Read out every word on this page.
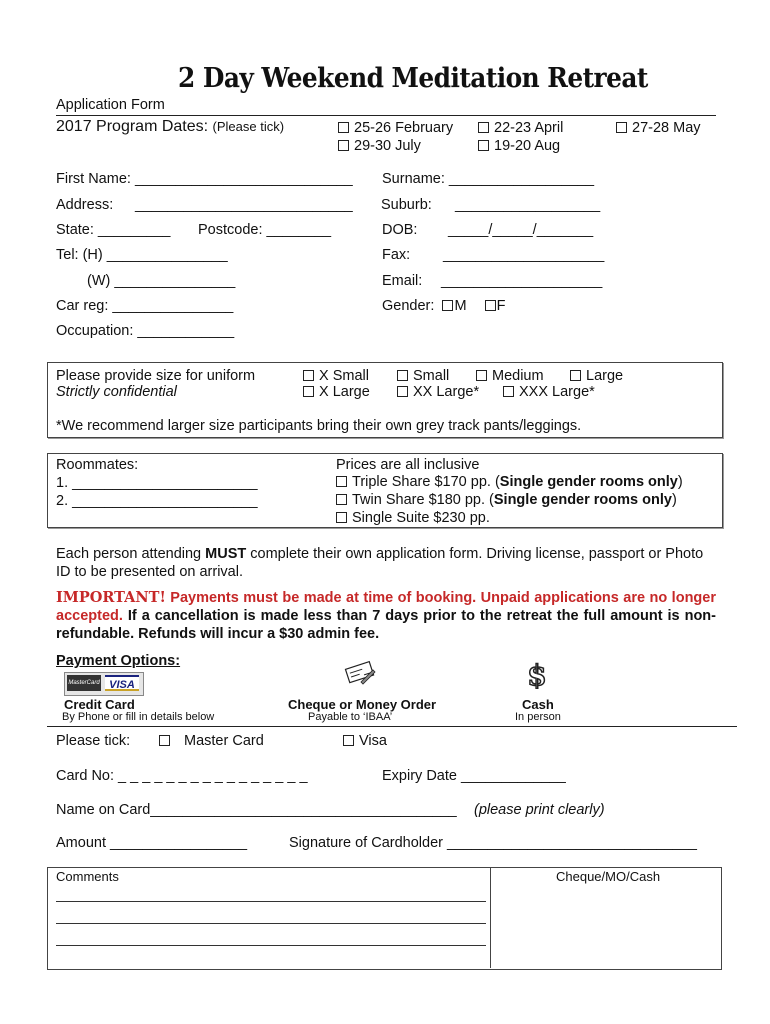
2 Day Weekend Meditation Retreat
Application Form
2017 Program Dates: (Please tick)	25-26 February	22-23 April	27-28 May
29-30 July	19-20 Aug
First Name: ___________________________ Surname: __________________
Address: ___________________________ Suburb: __________________
State: _________ Postcode: ________	DOB: _____/_____/_______
Tel: (H) _______________	Fax: ____________________
(W) _______________	Email: ____________________
Car reg: _______________	Gender: M F
Occupation: ____________
Please provide size for uniform
Strictly confidential
X Small	Small	Medium	Large
X Large	XX Large*	XXX Large*
*We recommend larger size participants bring their own grey track pants/leggings.
Roommates:
1. _______________________
2. _______________________
Prices are all inclusive
Triple Share $170 pp. (Single gender rooms only)
Twin Share $180 pp. (Single gender rooms only)
Single Suite $230 pp.
Each person attending MUST complete their own application form. Driving license, passport or Photo ID to be presented on arrival.
IMPORTANT! Payments must be made at time of booking. Unpaid applications are no longer accepted. If a cancellation is made less than 7 days prior to the retreat the full amount is non-refundable. Refunds will incur a $30 admin fee.
Payment Options:
MasterCard VISA	$
Credit Card
By Phone or fill in details below
Cheque or Money Order
Payable to ‘IBAA’
Cash
In person
Please tick:	Master Card	Visa
Card No: _ _ _ _ _ _ _ _ _ _ _ _ _ _ _ _	Expiry Date _____________
Name on Card______________________________________ (please print clearly)
Amount _________________	Signature of Cardholder _______________________________
Comments	Cheque/MO/Cash
